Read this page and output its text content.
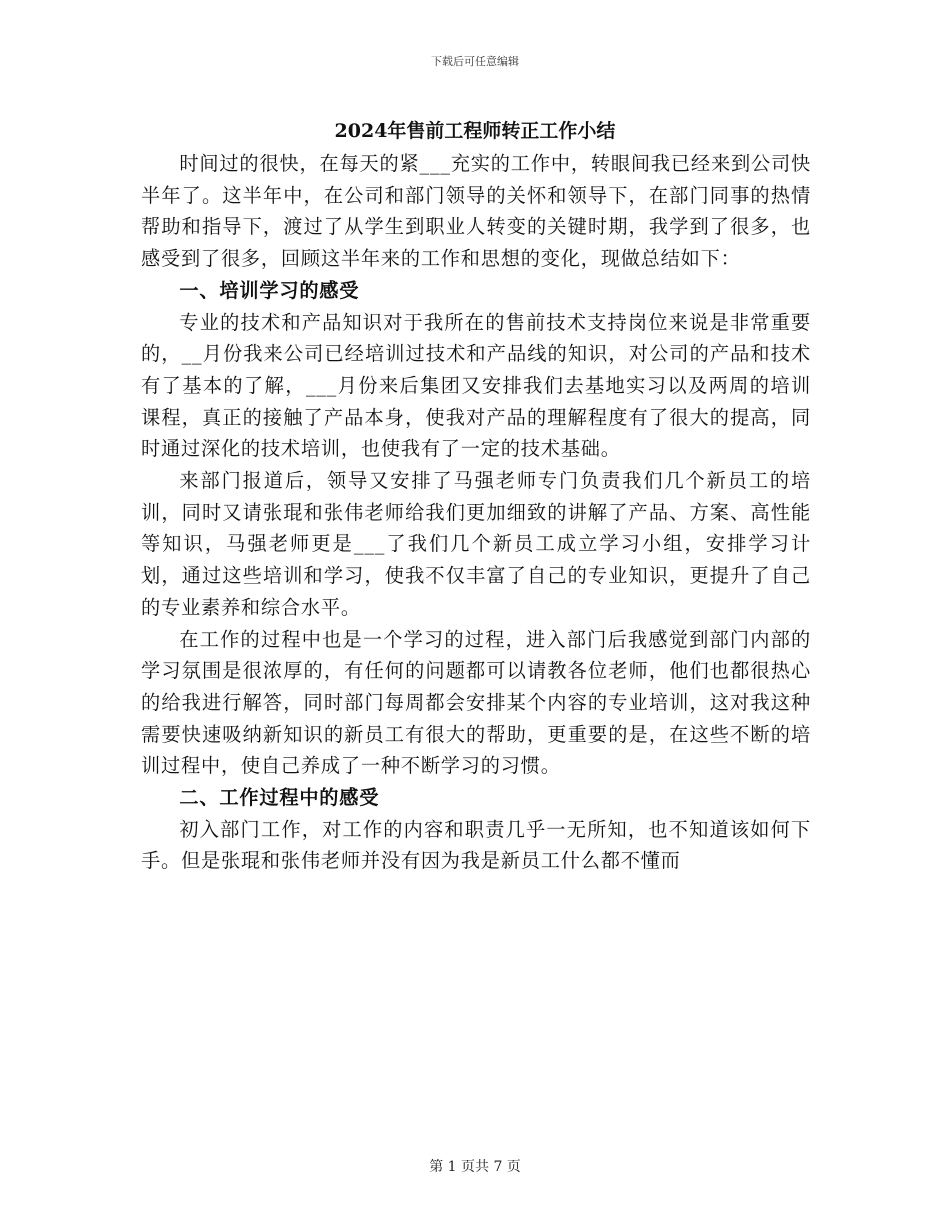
下载后可任意编辑
2024年售前工程师转正工作小结

时间过的很快，在每天的紧___充实的工作中，转眼间我已经来到公司快半年了。这半年中，在公司和部门领导的关怀和领导下，在部门同事的热情帮助和指导下，渡过了从学生到职业人转变的关键时期，我学到了很多，也感受到了很多，回顾这半年来的工作和思想的变化，现做总结如下：

一、培训学习的感受

专业的技术和产品知识对于我所在的售前技术支持岗位来说是非常重要的，__月份我来公司已经培训过技术和产品线的知识，对公司的产品和技术有了基本的了解，___月份来后集团又安排我们去基地实习以及两周的培训课程，真正的接触了产品本身，使我对产品的理解程度有了很大的提高，同时通过深化的技术培训，也使我有了一定的技术基础。

来部门报道后，领导又安排了马强老师专门负责我们几个新员工的培训，同时又请张琨和张伟老师给我们更加细致的讲解了产品、方案、高性能等知识，马强老师更是___了我们几个新员工成立学习小组，安排学习计划，通过这些培训和学习，使我不仅丰富了自己的专业知识，更提升了自己的专业素养和综合水平。

在工作的过程中也是一个学习的过程，进入部门后我感觉到部门内部的学习氛围是很浓厚的，有任何的问题都可以请教各位老师，他们也都很热心的给我进行解答，同时部门每周都会安排某个内容的专业培训，这对我这种需要快速吸纳新知识的新员工有很大的帮助，更重要的是，在这些不断的培训过程中，使自己养成了一种不断学习的习惯。

二、工作过程中的感受

初入部门工作，对工作的内容和职责几乎一无所知，也不知道该如何下手。但是张琨和张伟老师并没有因为我是新员工什么都不懂而

第 1 页共 7 页
